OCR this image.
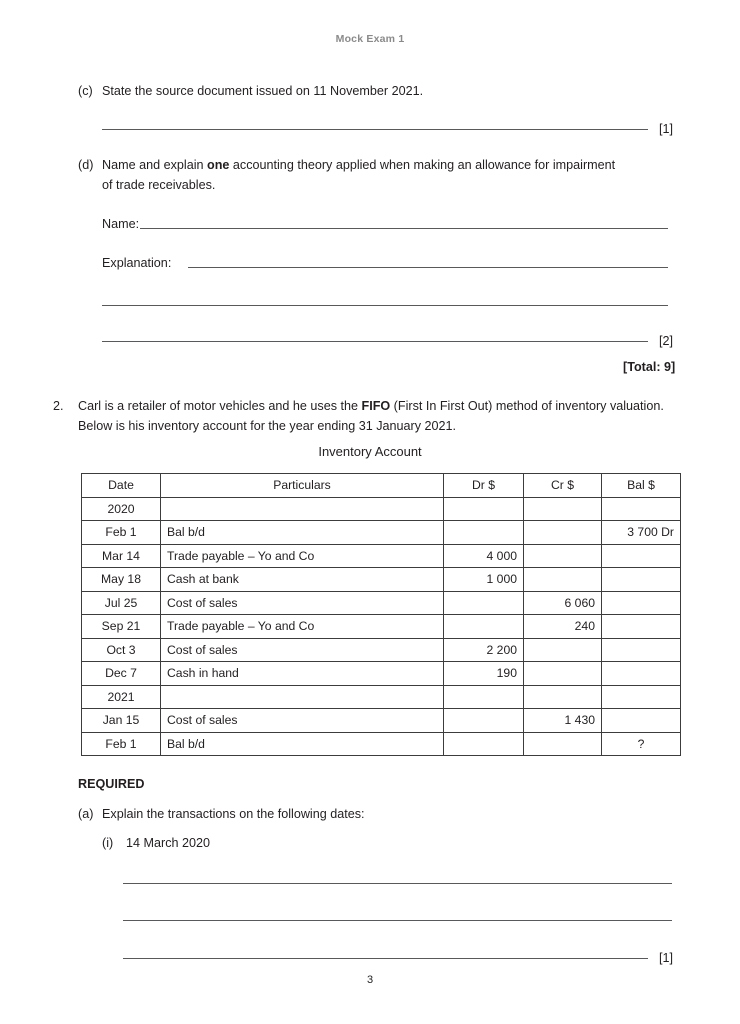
Mock Exam 1
(c) State the source document issued on 11 November 2021.
[1]
(d) Name and explain one accounting theory applied when making an allowance for impairment of trade receivables.
Name:
Explanation:
[2]
[Total: 9]
2. Carl is a retailer of motor vehicles and he uses the FIFO (First In First Out) method of inventory valuation. Below is his inventory account for the year ending 31 January 2021.
Inventory Account
Date	Particulars	Dr $	Cr $	Bal $
2020				
Feb 1	Bal b/d			3 700 Dr
Mar 14	Trade payable – Yo and Co	4 000		
May 18	Cash at bank	1 000		
Jul 25	Cost of sales		6 060	
Sep 21	Trade payable – Yo and Co		240	
Oct 3	Cost of sales	2 200		
Dec 7	Cash in hand	190		
2021				
Jan 15	Cost of sales		1 430	
Feb 1	Bal b/d			?
REQUIRED
(a) Explain the transactions on the following dates:
(i) 14 March 2020
[1]
3
